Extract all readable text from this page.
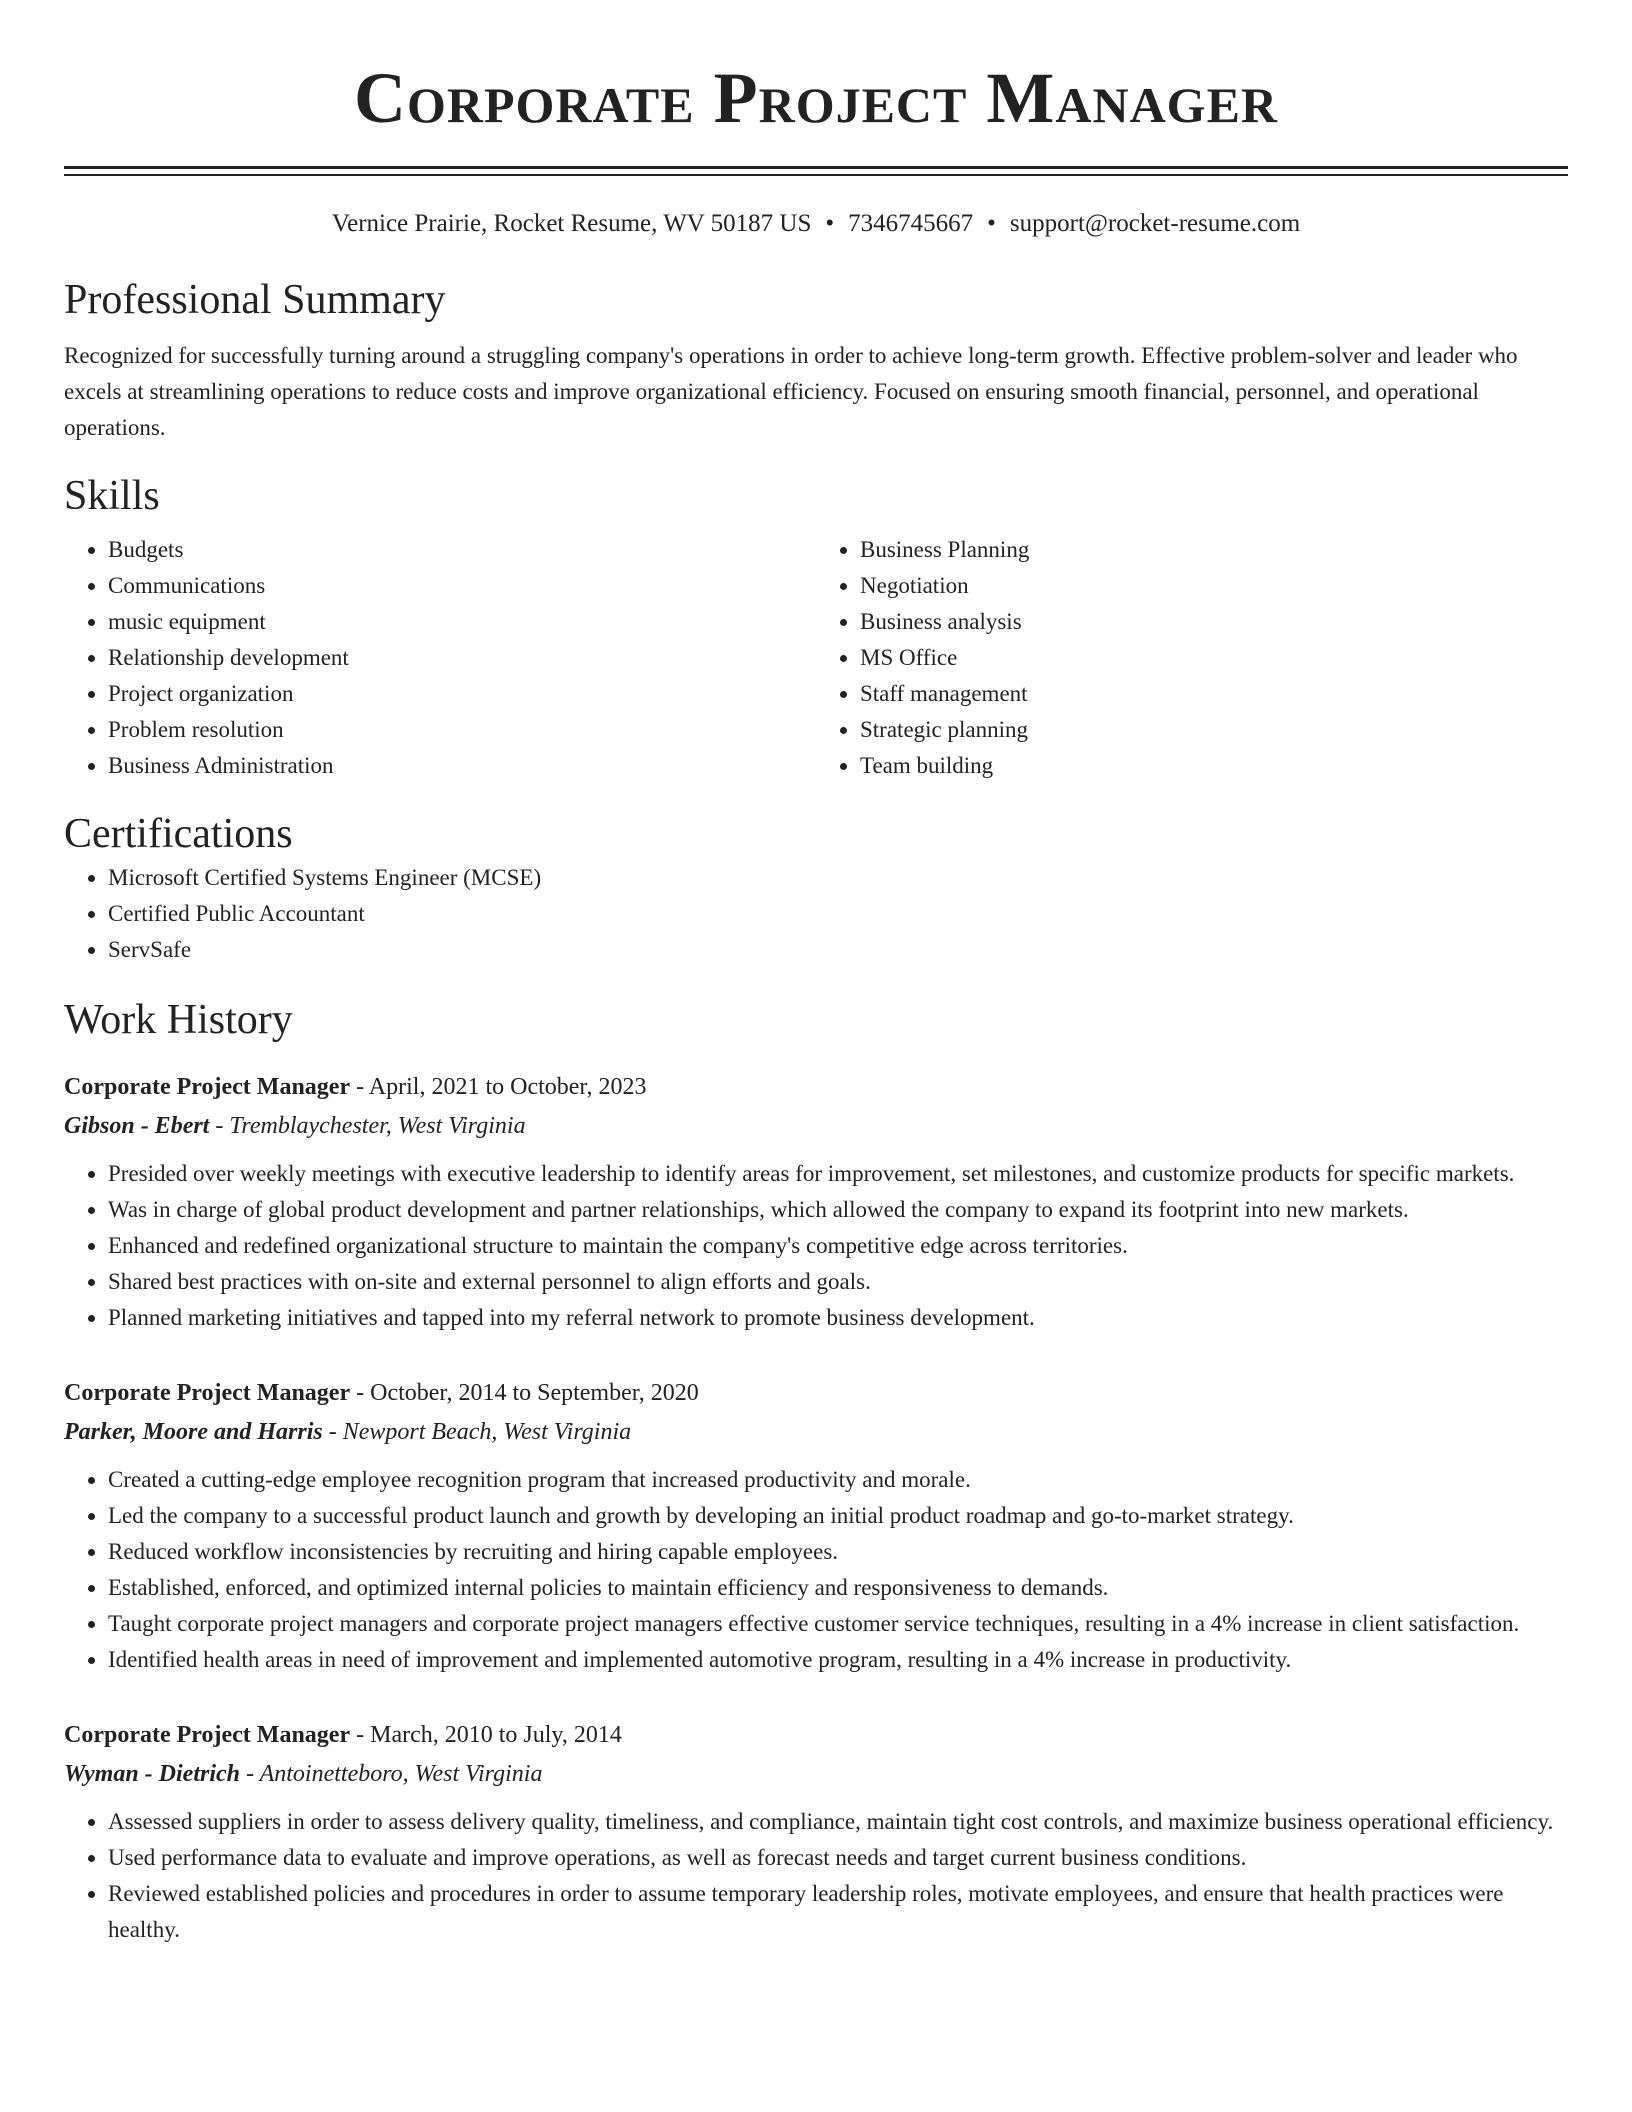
Corporate Project Manager
Vernice Prairie, Rocket Resume, WV 50187 US • 7346745667 • support@rocket-resume.com
Professional Summary

Recognized for successfully turning around a struggling company's operations in order to achieve long-term growth. Effective problem-solver and leader who excels at streamlining operations to reduce costs and improve organizational efficiency. Focused on ensuring smooth financial, personnel, and operational operations.

Skills
• Budgets
• Communications
• music equipment
• Relationship development
• Project organization
• Problem resolution
• Business Administration
• Business Planning
• Negotiation
• Business analysis
• MS Office
• Staff management
• Strategic planning
• Team building
Certifications
• Microsoft Certified Systems Engineer (MCSE)
• Certified Public Accountant
• ServSafe
Work History
Corporate Project Manager - April, 2021 to October, 2023
Gibson - Ebert - Tremblaychester, West Virginia
• Presided over weekly meetings with executive leadership to identify areas for improvement, set milestones, and customize products for specific markets.
• Was in charge of global product development and partner relationships, which allowed the company to expand its footprint into new markets.
• Enhanced and redefined organizational structure to maintain the company's competitive edge across territories.
• Shared best practices with on-site and external personnel to align efforts and goals.
• Planned marketing initiatives and tapped into my referral network to promote business development.
Corporate Project Manager - October, 2014 to September, 2020
Parker, Moore and Harris - Newport Beach, West Virginia
• Created a cutting-edge employee recognition program that increased productivity and morale.
• Led the company to a successful product launch and growth by developing an initial product roadmap and go-to-market strategy.
• Reduced workflow inconsistencies by recruiting and hiring capable employees.
• Established, enforced, and optimized internal policies to maintain efficiency and responsiveness to demands.
• Taught corporate project managers and corporate project managers effective customer service techniques, resulting in a 4% increase in client satisfaction.
• Identified health areas in need of improvement and implemented automotive program, resulting in a 4% increase in productivity.
Corporate Project Manager - March, 2010 to July, 2014
Wyman - Dietrich - Antoinetteboro, West Virginia
• Assessed suppliers in order to assess delivery quality, timeliness, and compliance, maintain tight cost controls, and maximize business operational efficiency.
• Used performance data to evaluate and improve operations, as well as forecast needs and target current business conditions.
• Reviewed established policies and procedures in order to assume temporary leadership roles, motivate employees, and ensure that health practices were healthy.
